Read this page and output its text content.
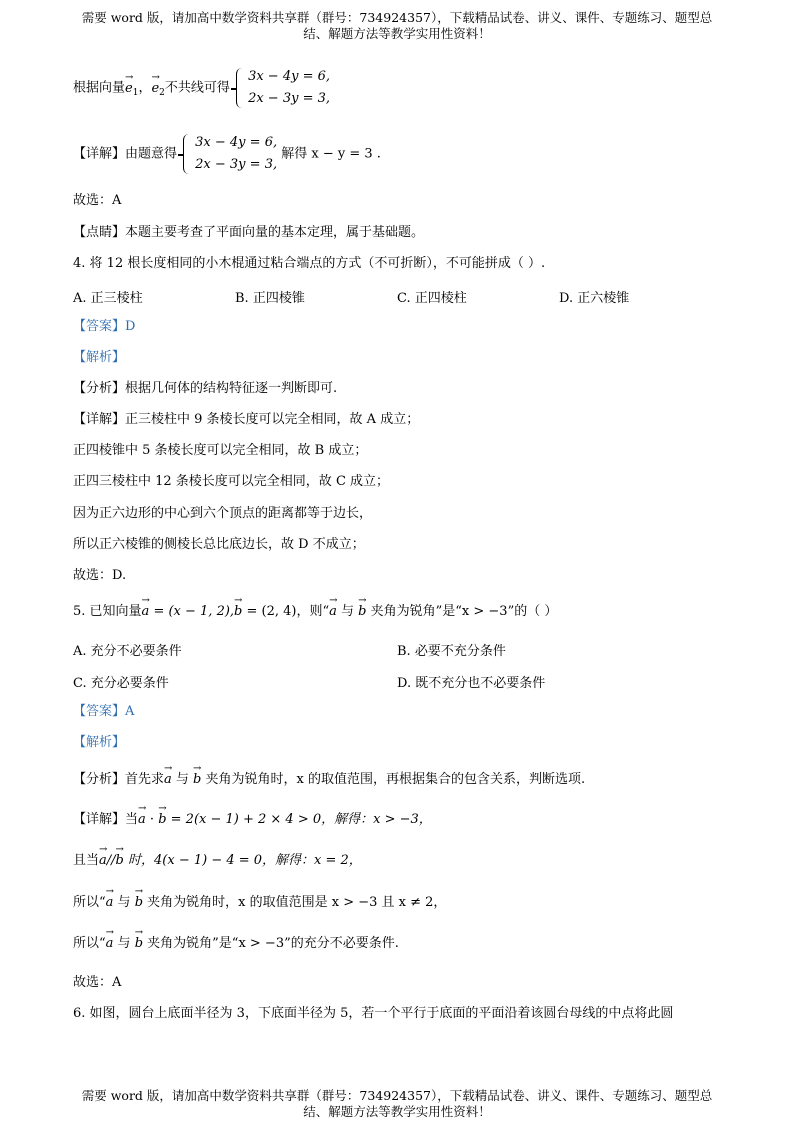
需要 word 版，请加高中数学资料共享群（群号：734924357），下载精品试卷、讲义、课件、专题练习、题型总
结、解题方法等教学实用性资料！
根据向量→ $e_1$，→ $e_2$不共线可得
3x − 4y = 6,
2x − 3y = 3,
【详解】由题意得
3x − 4y = 6,
2x − 3y = 3,
解得 x − y = 3 .
故选：A
【点睛】本题主要考查了平面向量的基本定理，属于基础题。
4. 将 12 根长度相同的小木棍通过粘合端点的方式（不可折断），不可能拼成（ ）.
A. 正三棱柱	B. 正四棱锥	C. 正四棱柱	D. 正六棱锥
【答案】D
【解析】
【分析】根据几何体的结构特征逐一判断即可.
【详解】正三棱柱中 9 条棱长度可以完全相同，故 A 成立；
正四棱锥中 5 条棱长度可以完全相同，故 B 成立；
正四三棱柱中 12 条棱长度可以完全相同，故 C 成立；
因为正六边形的中心到六个顶点的距离都等于边长，
所以正六棱锥的侧棱长总比底边长，故 D 不成立；
故选：D.
5. 已知向量→ a = (x − 1, 2),→ b = (2, 4)，则“→ a 与 → b 夹角为锐角”是“x > −3”的（ ）
A. 充分不必要条件	B. 必要不充分条件
C. 充分必要条件	D. 既不充分也不必要条件
【答案】A
【解析】
【分析】首先求→ a 与 → b 夹角为锐角时，x 的取值范围，再根据集合的包含关系，判断选项.
【详解】当→ a · → b = 2(x − 1) + 2 × 4 > 0，解得：x > −3，
且当→ a//→ b 时，4(x − 1) − 4 = 0，解得：x = 2，
所以“→ a 与 → b 夹角为锐角时，x 的取值范围是 x > −3 且 x ≠ 2，
所以“→ a 与 → b 夹角为锐角”是“x > −3”的充分不必要条件.
故选：A
6. 如图，圆台上底面半径为 3，下底面半径为 5，若一个平行于底面的平面沿着该圆台母线的中点将此圆
需要 word 版，请加高中数学资料共享群（群号：734924357），下载精品试卷、讲义、课件、专题练习、题型总
结、解题方法等教学实用性资料！
